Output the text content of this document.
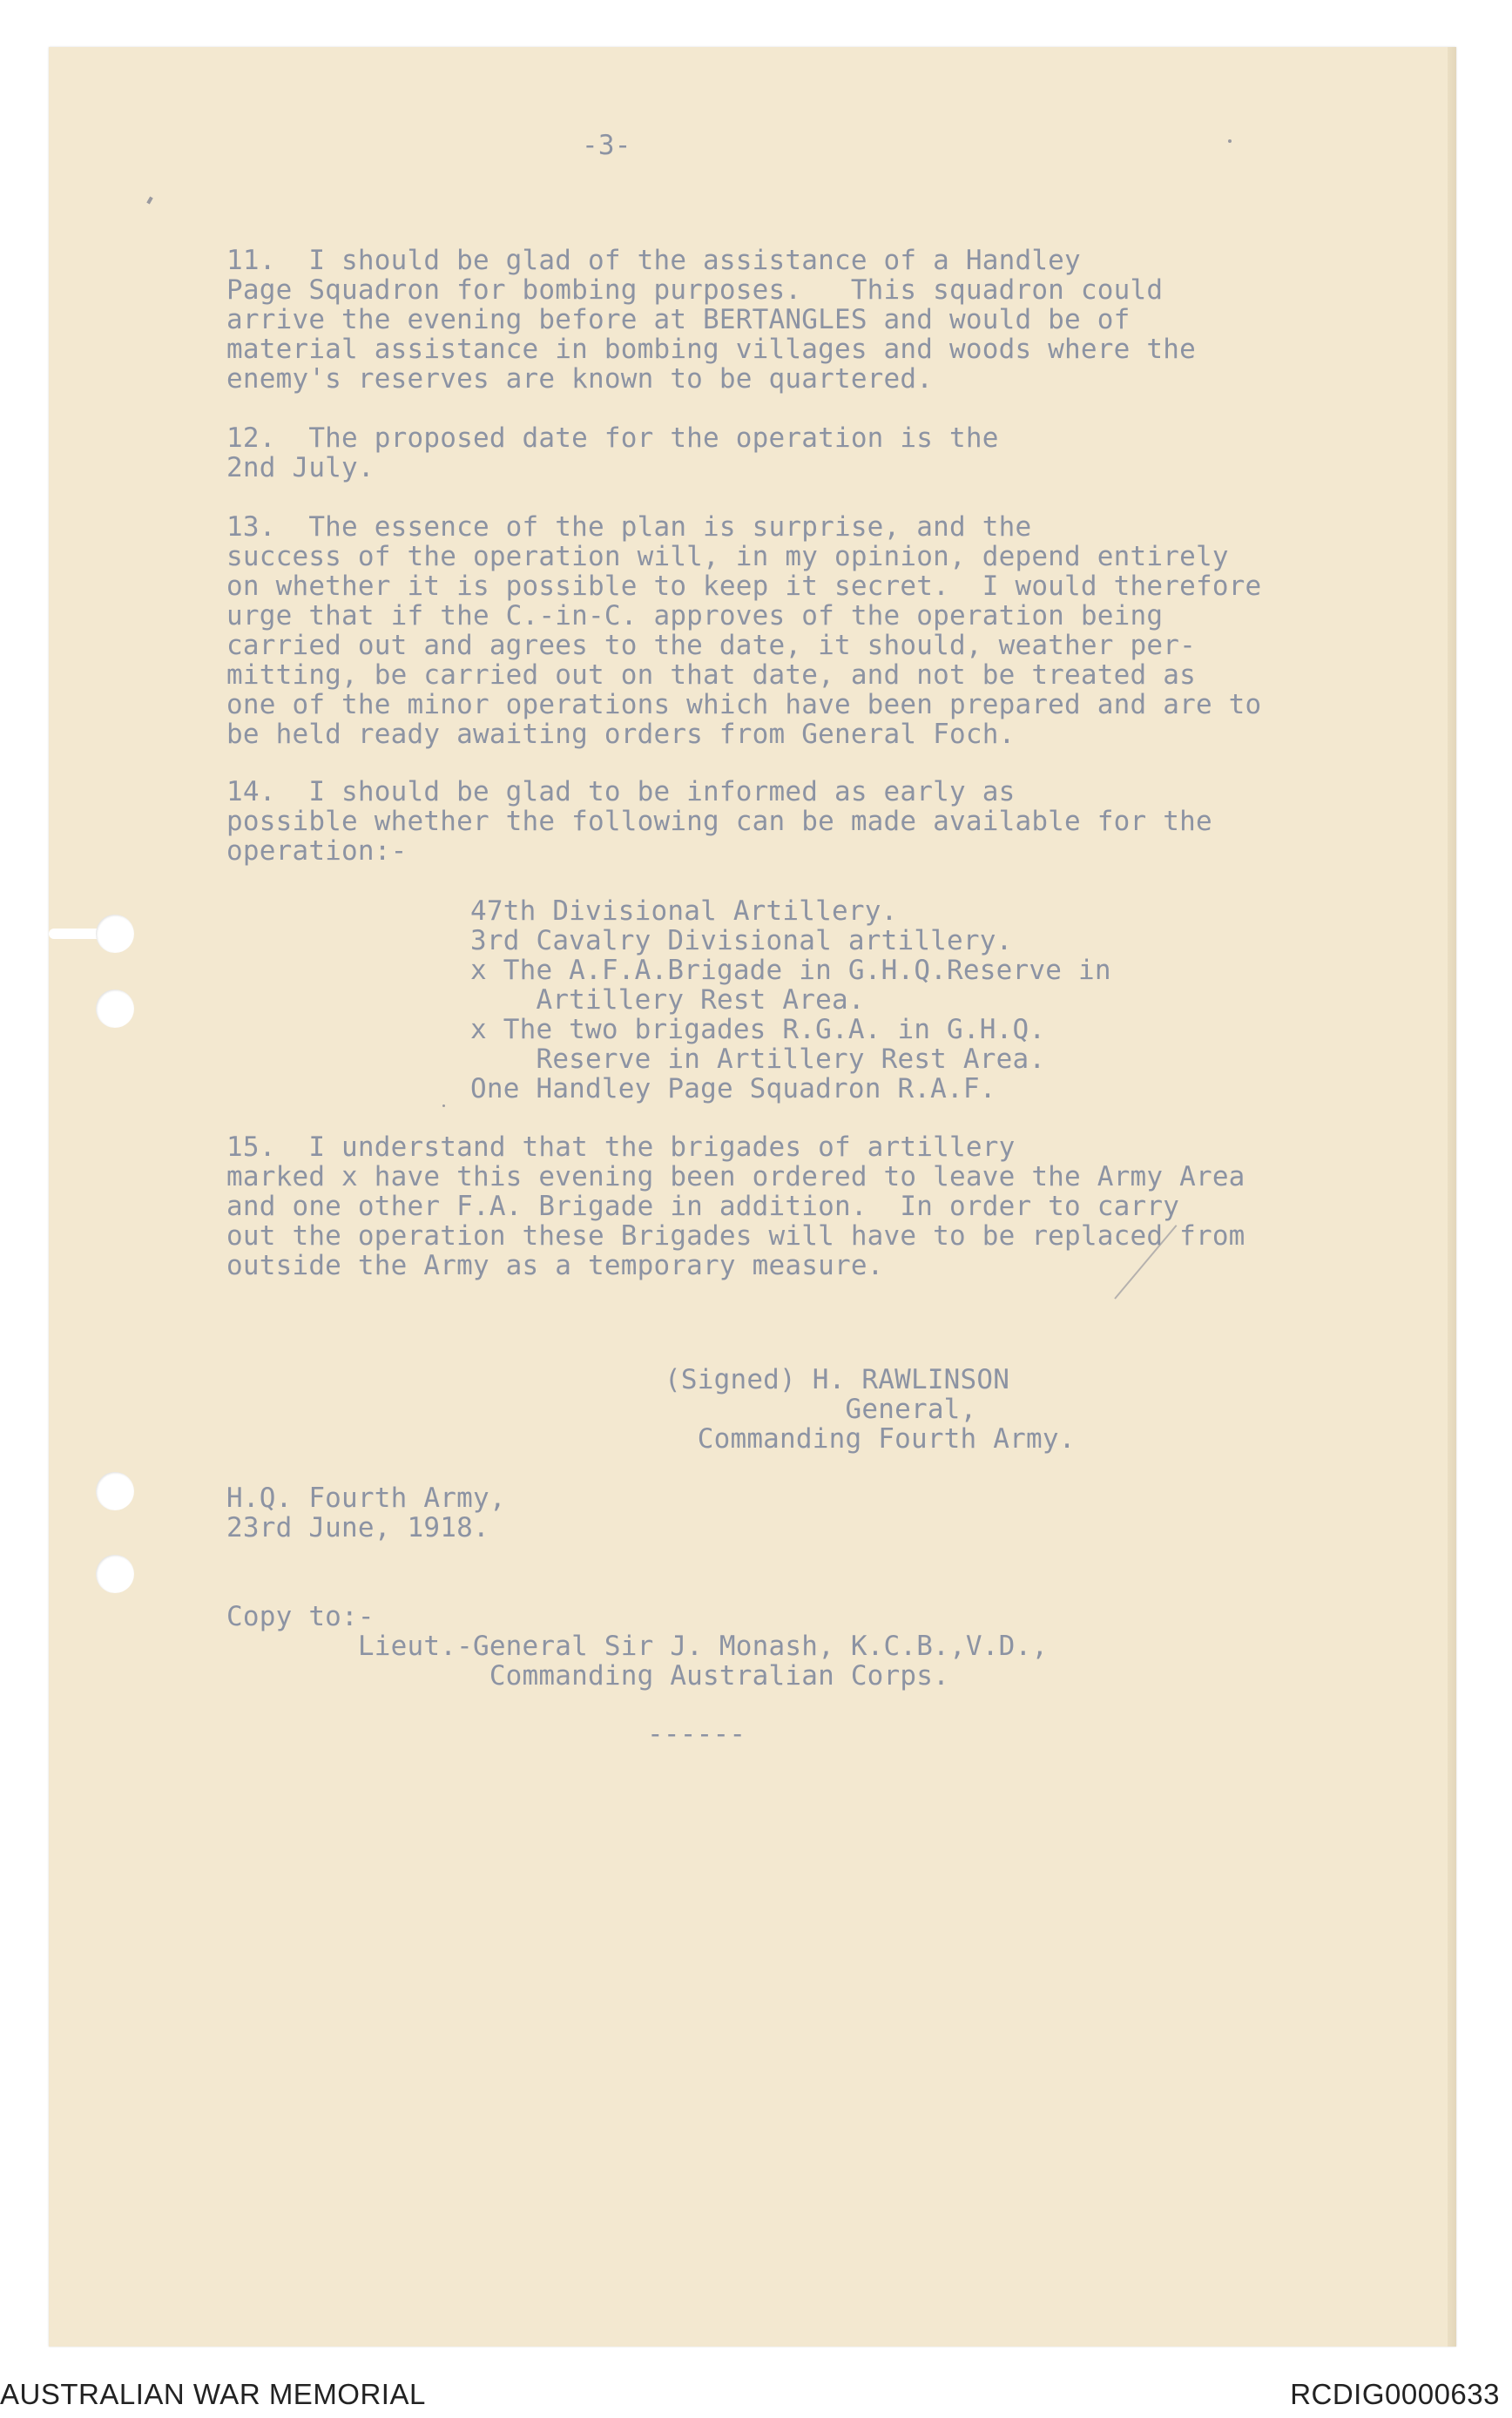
-3-
11.  I should be glad of the assistance of a Handley
Page Squadron for bombing purposes.   This squadron could
arrive the evening before at BERTANGLES and would be of
material assistance in bombing villages and woods where the
enemy's reserves are known to be quartered.
12.  The proposed date for the operation is the
2nd July.
13.  The essence of the plan is surprise, and the
success of the operation will, in my opinion, depend entirely
on whether it is possible to keep it secret.  I would therefore
urge that if the C.-in-C. approves of the operation being
carried out and agrees to the date, it should, weather per-
mitting, be carried out on that date, and not be treated as
one of the minor operations which have been prepared and are to
be held ready awaiting orders from General Foch.
14.  I should be glad to be informed as early as
possible whether the following can be made available for the
operation:-
47th Divisional Artillery.
3rd Cavalry Divisional artillery.
x The A.F.A.Brigade in G.H.Q.Reserve in
Artillery Rest Area.
x The two brigades R.G.A. in G.H.Q.
Reserve in Artillery Rest Area.
One Handley Page Squadron R.A.F.
15.  I understand that the brigades of artillery
marked x have this evening been ordered to leave the Army Area
and one other F.A. Brigade in addition.  In order to carry
out the operation these Brigades will have to be replaced from
outside the Army as a temporary measure.
(Signed) H. RAWLINSON
General,
Commanding Fourth Army.
H.Q. Fourth Army,
23rd June, 1918.
Copy to:-
Lieut.-General Sir J. Monash, K.C.B.,V.D.,
Commanding Australian Corps.
------
AUSTRALIAN WAR MEMORIAL	RCDIG0000633
